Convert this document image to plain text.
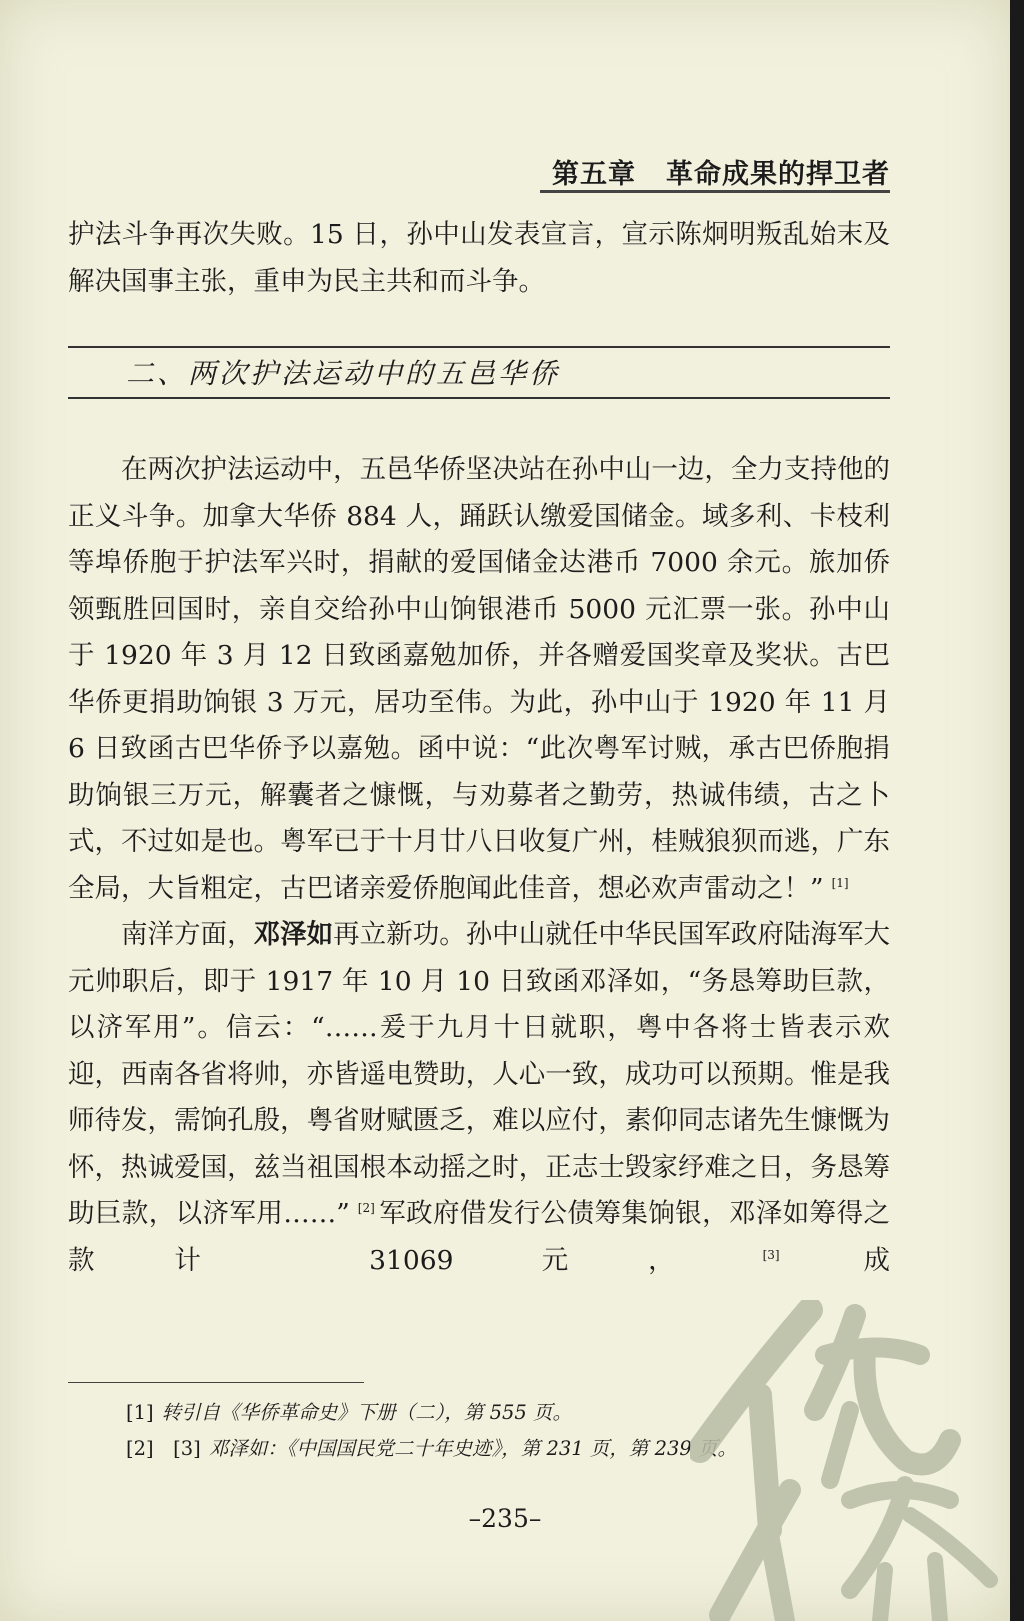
第五章 革命成果的捍卫者

护法斗争再次失败。15 日，孙中山发表宣言，宣示陈炯明叛乱始末及解决国事主张，重申为民主共和而斗争。

二、两次护法运动中的五邑华侨

在两次护法运动中，五邑华侨坚决站在孙中山一边，全力支持他的正义斗争。加拿大华侨 884 人，踊跃认缴爱国储金。域多利、卡枝利等埠侨胞于护法军兴时，捐献的爱国储金达港币 7000 余元。旅加侨领甄胜回国时，亲自交给孙中山饷银港币 5000 元汇票一张。孙中山于 1920 年 3 月 12 日致函嘉勉加侨，并各赠爱国奖章及奖状。古巴华侨更捐助饷银 3 万元，居功至伟。为此，孙中山于 1920 年 11 月 6 日致函古巴华侨予以嘉勉。函中说：“此次粤军讨贼，承古巴侨胞捐助饷银三万元，解囊者之慷慨，与劝募者之勤劳，热诚伟绩，古之卜式，不过如是也。粤军已于十月廿八日收复广州，桂贼狼狈而逃，广东全局，大旨粗定，古巴诸亲爱侨胞闻此佳音，想必欢声雷动之！” [1]

南洋方面，邓泽如再立新功。孙中山就任中华民国军政府陆海军大元帅职后，即于 1917 年 10 月 10 日致函邓泽如，“务恳筹助巨款，以济军用”。信云：“……爰于九月十日就职，粤中各将士皆表示欢迎，西南各省将帅，亦皆遥电赞助，人心一致，成功可以预期。惟是我师待发，需饷孔殷，粤省财赋匮乏，难以应付，素仰同志诸先生慷慨为怀，热诚爱国，兹当祖国根本动摇之时，正志士毁家纾难之日，务恳筹助巨款，以济军用……” [2] 军政府借发行公债筹集饷银，邓泽如筹得之款计 31069 元， [3] 成

[1] 转引自《华侨革命史》下册（二），第 555 页。
[2]　[3] 邓泽如：《中国国民党二十年史迹》，第 231 页，第 239 页。
–235–
